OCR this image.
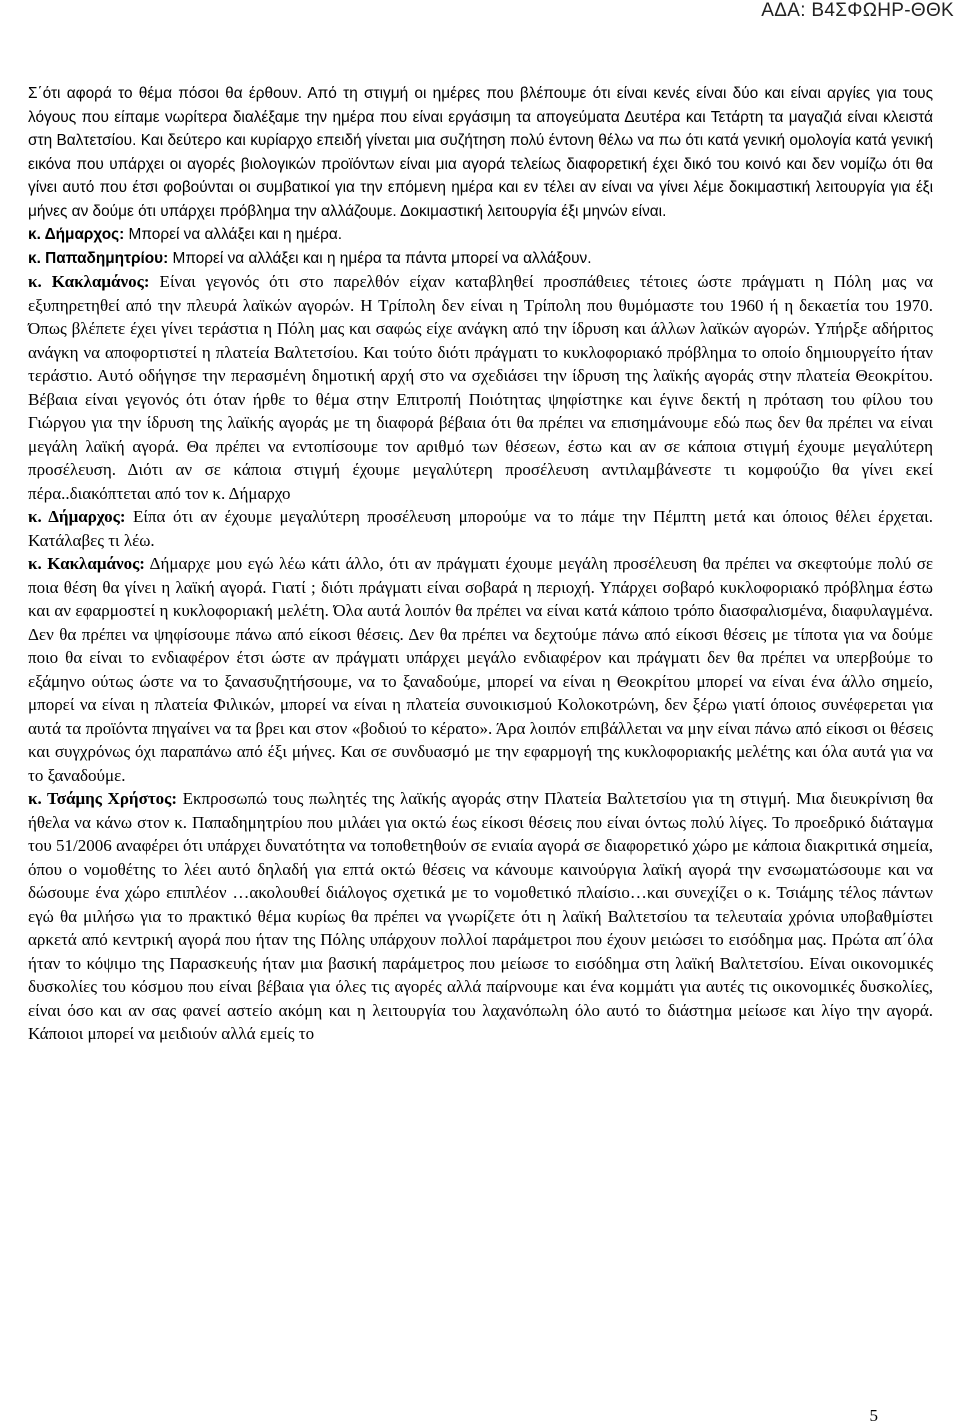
ΑΔΑ: Β4ΣΦΩΗΡ-ΘΘΚ

Σ΄ότι αφορά το θέμα πόσοι θα έρθουν. Από τη στιγμή οι ημέρες που βλέπουμε ότι είναι κενές είναι δύο και είναι αργίες για τους λόγους που είπαμε νωρίτερα διαλέξαμε την ημέρα που είναι εργάσιμη τα απογεύματα Δευτέρα και Τετάρτη τα μαγαζιά είναι κλειστά στη Βαλτετσίου. Και δεύτερο και κυρίαρχο επειδή γίνεται μια συζήτηση πολύ έντονη θέλω να πω ότι κατά γενική ομολογία κατά γενική εικόνα που υπάρχει οι αγορές βιολογικών προϊόντων είναι μια αγορά τελείως διαφορετική έχει δικό του κοινό και δεν νομίζω ότι θα γίνει αυτό που έτσι φοβούνται οι συμβατικοί για την επόμενη ημέρα και εν τέλει αν είναι να γίνει λέμε δοκιμαστική λειτουργία για έξι μήνες αν δούμε ότι υπάρχει πρόβλημα την αλλάζουμε. Δοκιμαστική λειτουργία έξι μηνών είναι.

κ. Δήμαρχος: Μπορεί να αλλάξει και η ημέρα.

κ. Παπαδημητρίου: Μπορεί να αλλάξει και η ημέρα τα πάντα μπορεί να αλλάξουν.

κ. Κακλαμάνος: Είναι γεγονός ότι στο παρελθόν είχαν καταβληθεί προσπάθειες τέτοιες ώστε πράγματι η Πόλη μας να εξυπηρετηθεί από την πλευρά λαϊκών αγορών. Η Τρίπολη δεν είναι η Τρίπολη που θυμόμαστε του 1960 ή η δεκαετία του 1970. Όπως βλέπετε έχει γίνει τεράστια η Πόλη μας και σαφώς είχε ανάγκη από την ίδρυση και άλλων λαϊκών αγορών. Υπήρξε αδήριτος ανάγκη να αποφορτιστεί η πλατεία Βαλτετσίου. Και τούτο διότι πράγματι το κυκλοφοριακό πρόβλημα το οποίο δημιουργείτο ήταν τεράστιο. Αυτό οδήγησε την περασμένη δημοτική αρχή στο να σχεδιάσει την ίδρυση της λαϊκής αγοράς στην πλατεία Θεοκρίτου. Βέβαια είναι γεγονός ότι όταν ήρθε το θέμα στην Επιτροπή Ποιότητας ψηφίστηκε και έγινε δεκτή η πρόταση του φίλου του Γιώργου για την ίδρυση της λαϊκής αγοράς με τη διαφορά βέβαια ότι θα πρέπει να επισημάνουμε εδώ πως δεν θα πρέπει να είναι μεγάλη λαϊκή αγορά. Θα πρέπει να εντοπίσουμε τον αριθμό των θέσεων, έστω και αν σε κάποια στιγμή έχουμε μεγαλύτερη προσέλευση. Διότι αν σε κάποια στιγμή έχουμε μεγαλύτερη προσέλευση αντιλαμβάνεστε τι κομφούζιο θα γίνει εκεί πέρα..διακόπτεται από τον κ. Δήμαρχο

κ. Δήμαρχος: Είπα ότι αν έχουμε μεγαλύτερη προσέλευση μπορούμε να το πάμε την Πέμπτη μετά και όποιος θέλει έρχεται. Κατάλαβες τι λέω.

κ. Κακλαμάνος: Δήμαρχε μου εγώ λέω κάτι άλλο, ότι αν πράγματι έχουμε μεγάλη προσέλευση θα πρέπει να σκεφτούμε πολύ σε ποια θέση θα γίνει η λαϊκή αγορά. Γιατί ; διότι πράγματι είναι σοβαρά η περιοχή. Υπάρχει σοβαρό κυκλοφοριακό πρόβλημα έστω και αν εφαρμοστεί η κυκλοφοριακή μελέτη. Όλα αυτά λοιπόν θα πρέπει να είναι κατά κάποιο τρόπο διασφαλισμένα, διαφυλαγμένα. Δεν θα πρέπει να ψηφίσουμε πάνω από είκοσι θέσεις. Δεν θα πρέπει να δεχτούμε πάνω από είκοσι θέσεις με τίποτα για να δούμε ποιο θα είναι το ενδιαφέρον έτσι ώστε αν πράγματι υπάρχει μεγάλο ενδιαφέρον και πράγματι δεν θα πρέπει να υπερβούμε το εξάμηνο ούτως ώστε να το ξανασυζητήσουμε, να το ξαναδούμε, μπορεί να είναι η Θεοκρίτου μπορεί να είναι ένα άλλο σημείο, μπορεί να είναι η πλατεία Φιλικών, μπορεί να είναι η πλατεία συνοικισμού Κολοκοτρώνη, δεν ξέρω γιατί όποιος συνέφερεται για αυτά τα προϊόντα πηγαίνει να τα βρει και στον «βοδιού το κέρατο». Άρα λοιπόν επιβάλλεται να μην είναι πάνω από είκοσι οι θέσεις και συγχρόνως όχι παραπάνω από έξι μήνες. Και σε συνδυασμό με την εφαρμογή της κυκλοφοριακής μελέτης και όλα αυτά για να το ξαναδούμε.

κ. Τσάμης Χρήστος: Εκπροσωπώ τους πωλητές της λαϊκής αγοράς στην Πλατεία Βαλτετσίου για τη στιγμή. Μια διευκρίνιση θα ήθελα να κάνω στον κ. Παπαδημητρίου που μιλάει για οκτώ έως είκοσι θέσεις που είναι όντως πολύ λίγες. Το προεδρικό διάταγμα του 51/2006 αναφέρει ότι υπάρχει δυνατότητα να τοποθετηθούν σε ενιαία αγορά σε διαφορετικό χώρο με κάποια διακριτικά σημεία, όπου ο νομοθέτης το λέει αυτό δηλαδή για επτά οκτώ θέσεις να κάνουμε καινούργια λαϊκή αγορά την ενσωματώσουμε και να δώσουμε ένα χώρο επιπλέον …ακολουθεί διάλογος σχετικά με το νομοθετικό πλαίσιο…και συνεχίζει ο κ. Τσιάμης τέλος πάντων εγώ θα μιλήσω για το πρακτικό θέμα κυρίως θα πρέπει να γνωρίζετε ότι η λαϊκή Βαλτετσίου τα τελευταία χρόνια υποβαθμίστει αρκετά από κεντρική αγορά που ήταν της Πόλης υπάρχουν πολλοί παράμετροι που έχουν μειώσει το εισόδημα μας. Πρώτα απ΄όλα ήταν το κόψιμο της Παρασκευής ήταν μια βασική παράμετρος που μείωσε το εισόδημα στη λαϊκή Βαλτετσίου. Είναι οικονομικές δυσκολίες του κόσμου που είναι βέβαια για όλες τις αγορές αλλά παίρνουμε και ένα κομμάτι για αυτές τις οικονομικές δυσκολίες, είναι όσο και αν σας φανεί αστείο ακόμη και η λειτουργία του λαχανόπωλη όλο αυτό το διάστημα μείωσε και λίγο την αγορά. Κάποιοι μπορεί να μειδιούν αλλά εμείς το

5
